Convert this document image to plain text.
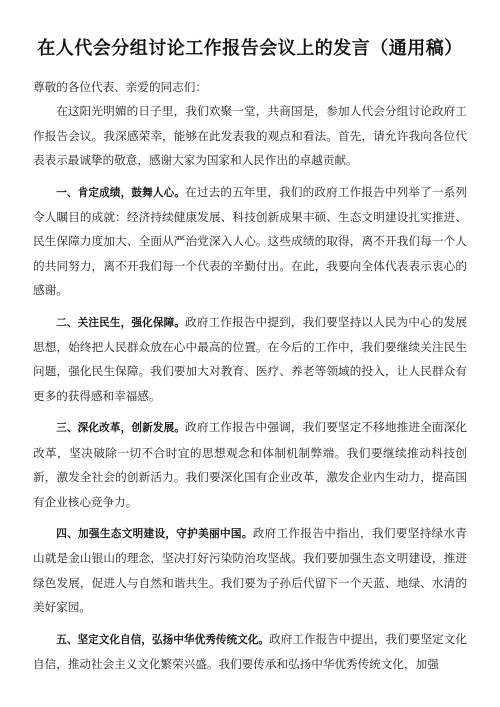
在人代会分组讨论工作报告会议上的发言（通用稿）

尊敬的各位代表、亲爱的同志们：

在这阳光明媚的日子里，我们欢聚一堂，共商国是，参加人代会分组讨论政府工作报告会议。我深感荣幸，能够在此发表我的观点和看法。首先，请允许我向各位代表表示最诚挚的敬意，感谢大家为国家和人民作出的卓越贡献。

一、肯定成绩，鼓舞人心。在过去的五年里，我们的政府工作报告中列举了一系列令人瞩目的成就：经济持续健康发展、科技创新成果丰硕、生态文明建设扎实推进、民生保障力度加大、全面从严治党深入人心。这些成绩的取得，离不开我们每一个人的共同努力，离不开我们每一个代表的辛勤付出。在此，我要向全体代表表示衷心的感谢。

二、关注民生，强化保障。政府工作报告中提到，我们要坚持以人民为中心的发展思想，始终把人民群众放在心中最高的位置。在今后的工作中，我们要继续关注民生问题，强化民生保障。我们要加大对教育、医疗、养老等领域的投入，让人民群众有更多的获得感和幸福感。

三、深化改革，创新发展。政府工作报告中强调，我们要坚定不移地推进全面深化改革，坚决破除一切不合时宜的思想观念和体制机制弊端。我们要继续推动科技创新，激发全社会的创新活力。我们要深化国有企业改革，激发企业内生动力，提高国有企业核心竞争力。

四、加强生态文明建设，守护美丽中国。政府工作报告中指出，我们要坚持绿水青山就是金山银山的理念，坚决打好污染防治攻坚战。我们要加强生态文明建设，推进绿色发展，促进人与自然和谐共生。我们要为子孙后代留下一个天蓝、地绿、水清的美好家园。

五、坚定文化自信，弘扬中华优秀传统文化。政府工作报告中提出，我们要坚定文化自信，推动社会主义文化繁荣兴盛。我们要传承和弘扬中华优秀传统文化，加强
